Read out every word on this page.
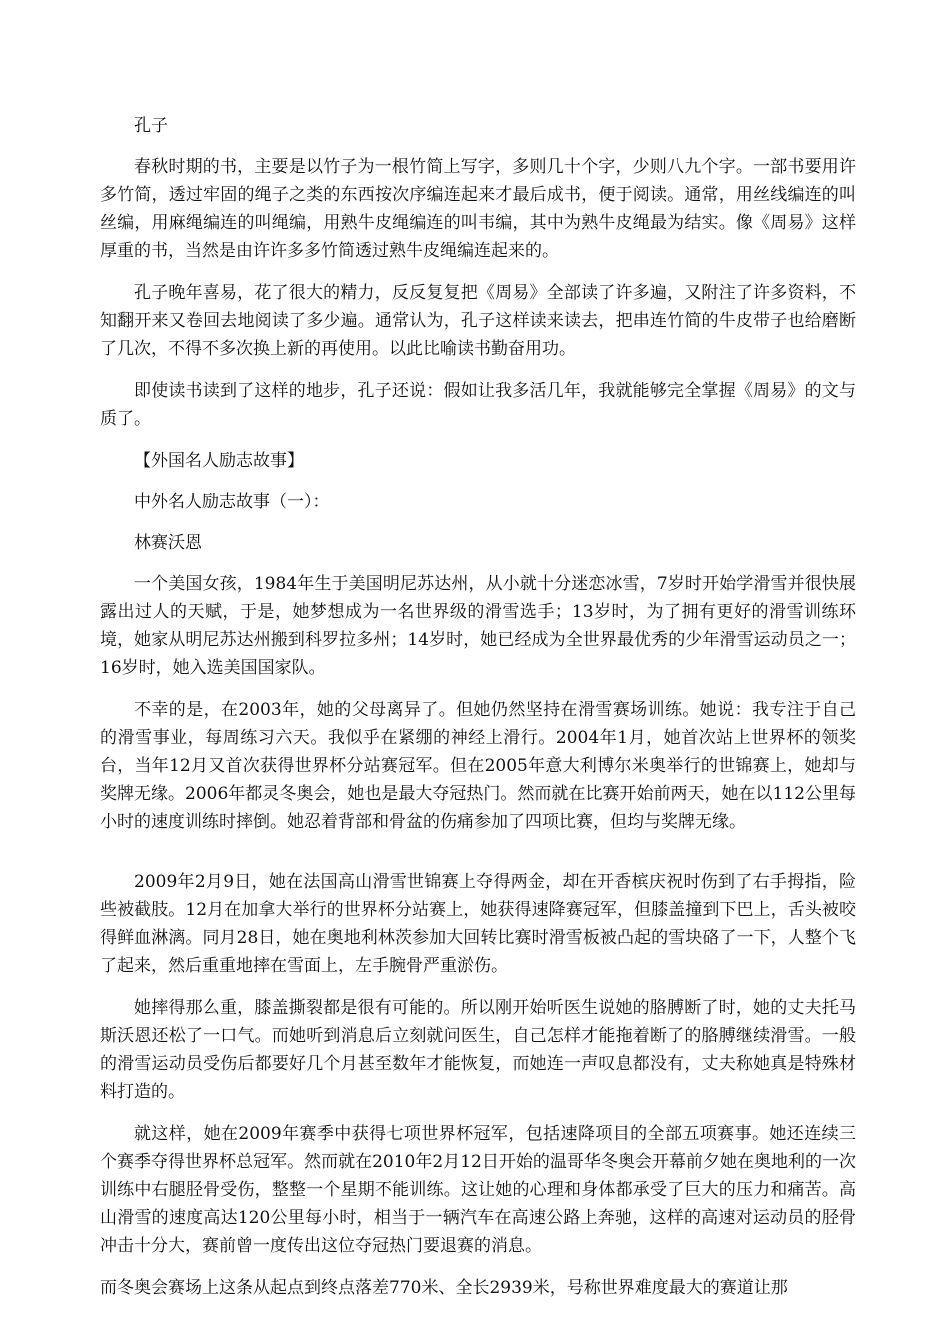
孔子

春秋时期的书，主要是以竹子为一根竹简上写字，多则几十个字，少则八九个字。一部书要用许多竹简，透过牢固的绳子之类的东西按次序编连起来才最后成书，便于阅读。通常，用丝线编连的叫丝编，用麻绳编连的叫绳编，用熟牛皮绳编连的叫韦编，其中为熟牛皮绳最为结实。像《周易》这样厚重的书，当然是由许许多多竹简透过熟牛皮绳编连起来的。

孔子晚年喜易，花了很大的精力，反反复复把《周易》全部读了许多遍，又附注了许多资料，不知翻开来又卷回去地阅读了多少遍。通常认为，孔子这样读来读去，把串连竹简的牛皮带子也给磨断了几次，不得不多次换上新的再使用。以此比喻读书勤奋用功。

即使读书读到了这样的地步，孔子还说：假如让我多活几年，我就能够完全掌握《周易》的文与质了。

【外国名人励志故事】

中外名人励志故事（一）：

林赛沃恩

一个美国女孩，1984年生于美国明尼苏达州，从小就十分迷恋冰雪，7岁时开始学滑雪并很快展露出过人的天赋，于是，她梦想成为一名世界级的滑雪选手；13岁时，为了拥有更好的滑雪训练环境，她家从明尼苏达州搬到科罗拉多州；14岁时，她已经成为全世界最优秀的少年滑雪运动员之一；16岁时，她入选美国国家队。

不幸的是，在2003年，她的父母离异了。但她仍然坚持在滑雪赛场训练。她说：我专注于自己的滑雪事业，每周练习六天。我似乎在紧绷的神经上滑行。2004年1月，她首次站上世界杯的领奖台，当年12月又首次获得世界杯分站赛冠军。但在2005年意大利博尔米奥举行的世锦赛上，她却与奖牌无缘。2006年都灵冬奥会，她也是最大夺冠热门。然而就在比赛开始前两天，她在以112公里每小时的速度训练时摔倒。她忍着背部和骨盆的伤痛参加了四项比赛，但均与奖牌无缘。

2009年2月9日，她在法国高山滑雪世锦赛上夺得两金，却在开香槟庆祝时伤到了右手拇指，险些被截肢。12月在加拿大举行的世界杯分站赛上，她获得速降赛冠军，但膝盖撞到下巴上，舌头被咬得鲜血淋漓。同月28日，她在奥地利林茨参加大回转比赛时滑雪板被凸起的雪块硌了一下，人整个飞了起来，然后重重地摔在雪面上，左手腕骨严重淤伤。

她摔得那么重，膝盖撕裂都是很有可能的。所以刚开始听医生说她的胳膊断了时，她的丈夫托马斯沃恩还松了一口气。而她听到消息后立刻就问医生，自己怎样才能拖着断了的胳膊继续滑雪。一般的滑雪运动员受伤后都要好几个月甚至数年才能恢复，而她连一声叹息都没有，丈夫称她真是特殊材料打造的。

就这样，她在2009年赛季中获得七项世界杯冠军，包括速降项目的全部五项赛事。她还连续三个赛季夺得世界杯总冠军。然而就在2010年2月12日开始的温哥华冬奥会开幕前夕她在奥地利的一次训练中右腿胫骨受伤，整整一个星期不能训练。这让她的心理和身体都承受了巨大的压力和痛苦。高山滑雪的速度高达120公里每小时，相当于一辆汽车在高速公路上奔驰，这样的高速对运动员的胫骨冲击十分大，赛前曾一度传出这位夺冠热门要退赛的消息。

而冬奥会赛场上这条从起点到终点落差770米、全长2939米，号称世界难度最大的赛道让那
